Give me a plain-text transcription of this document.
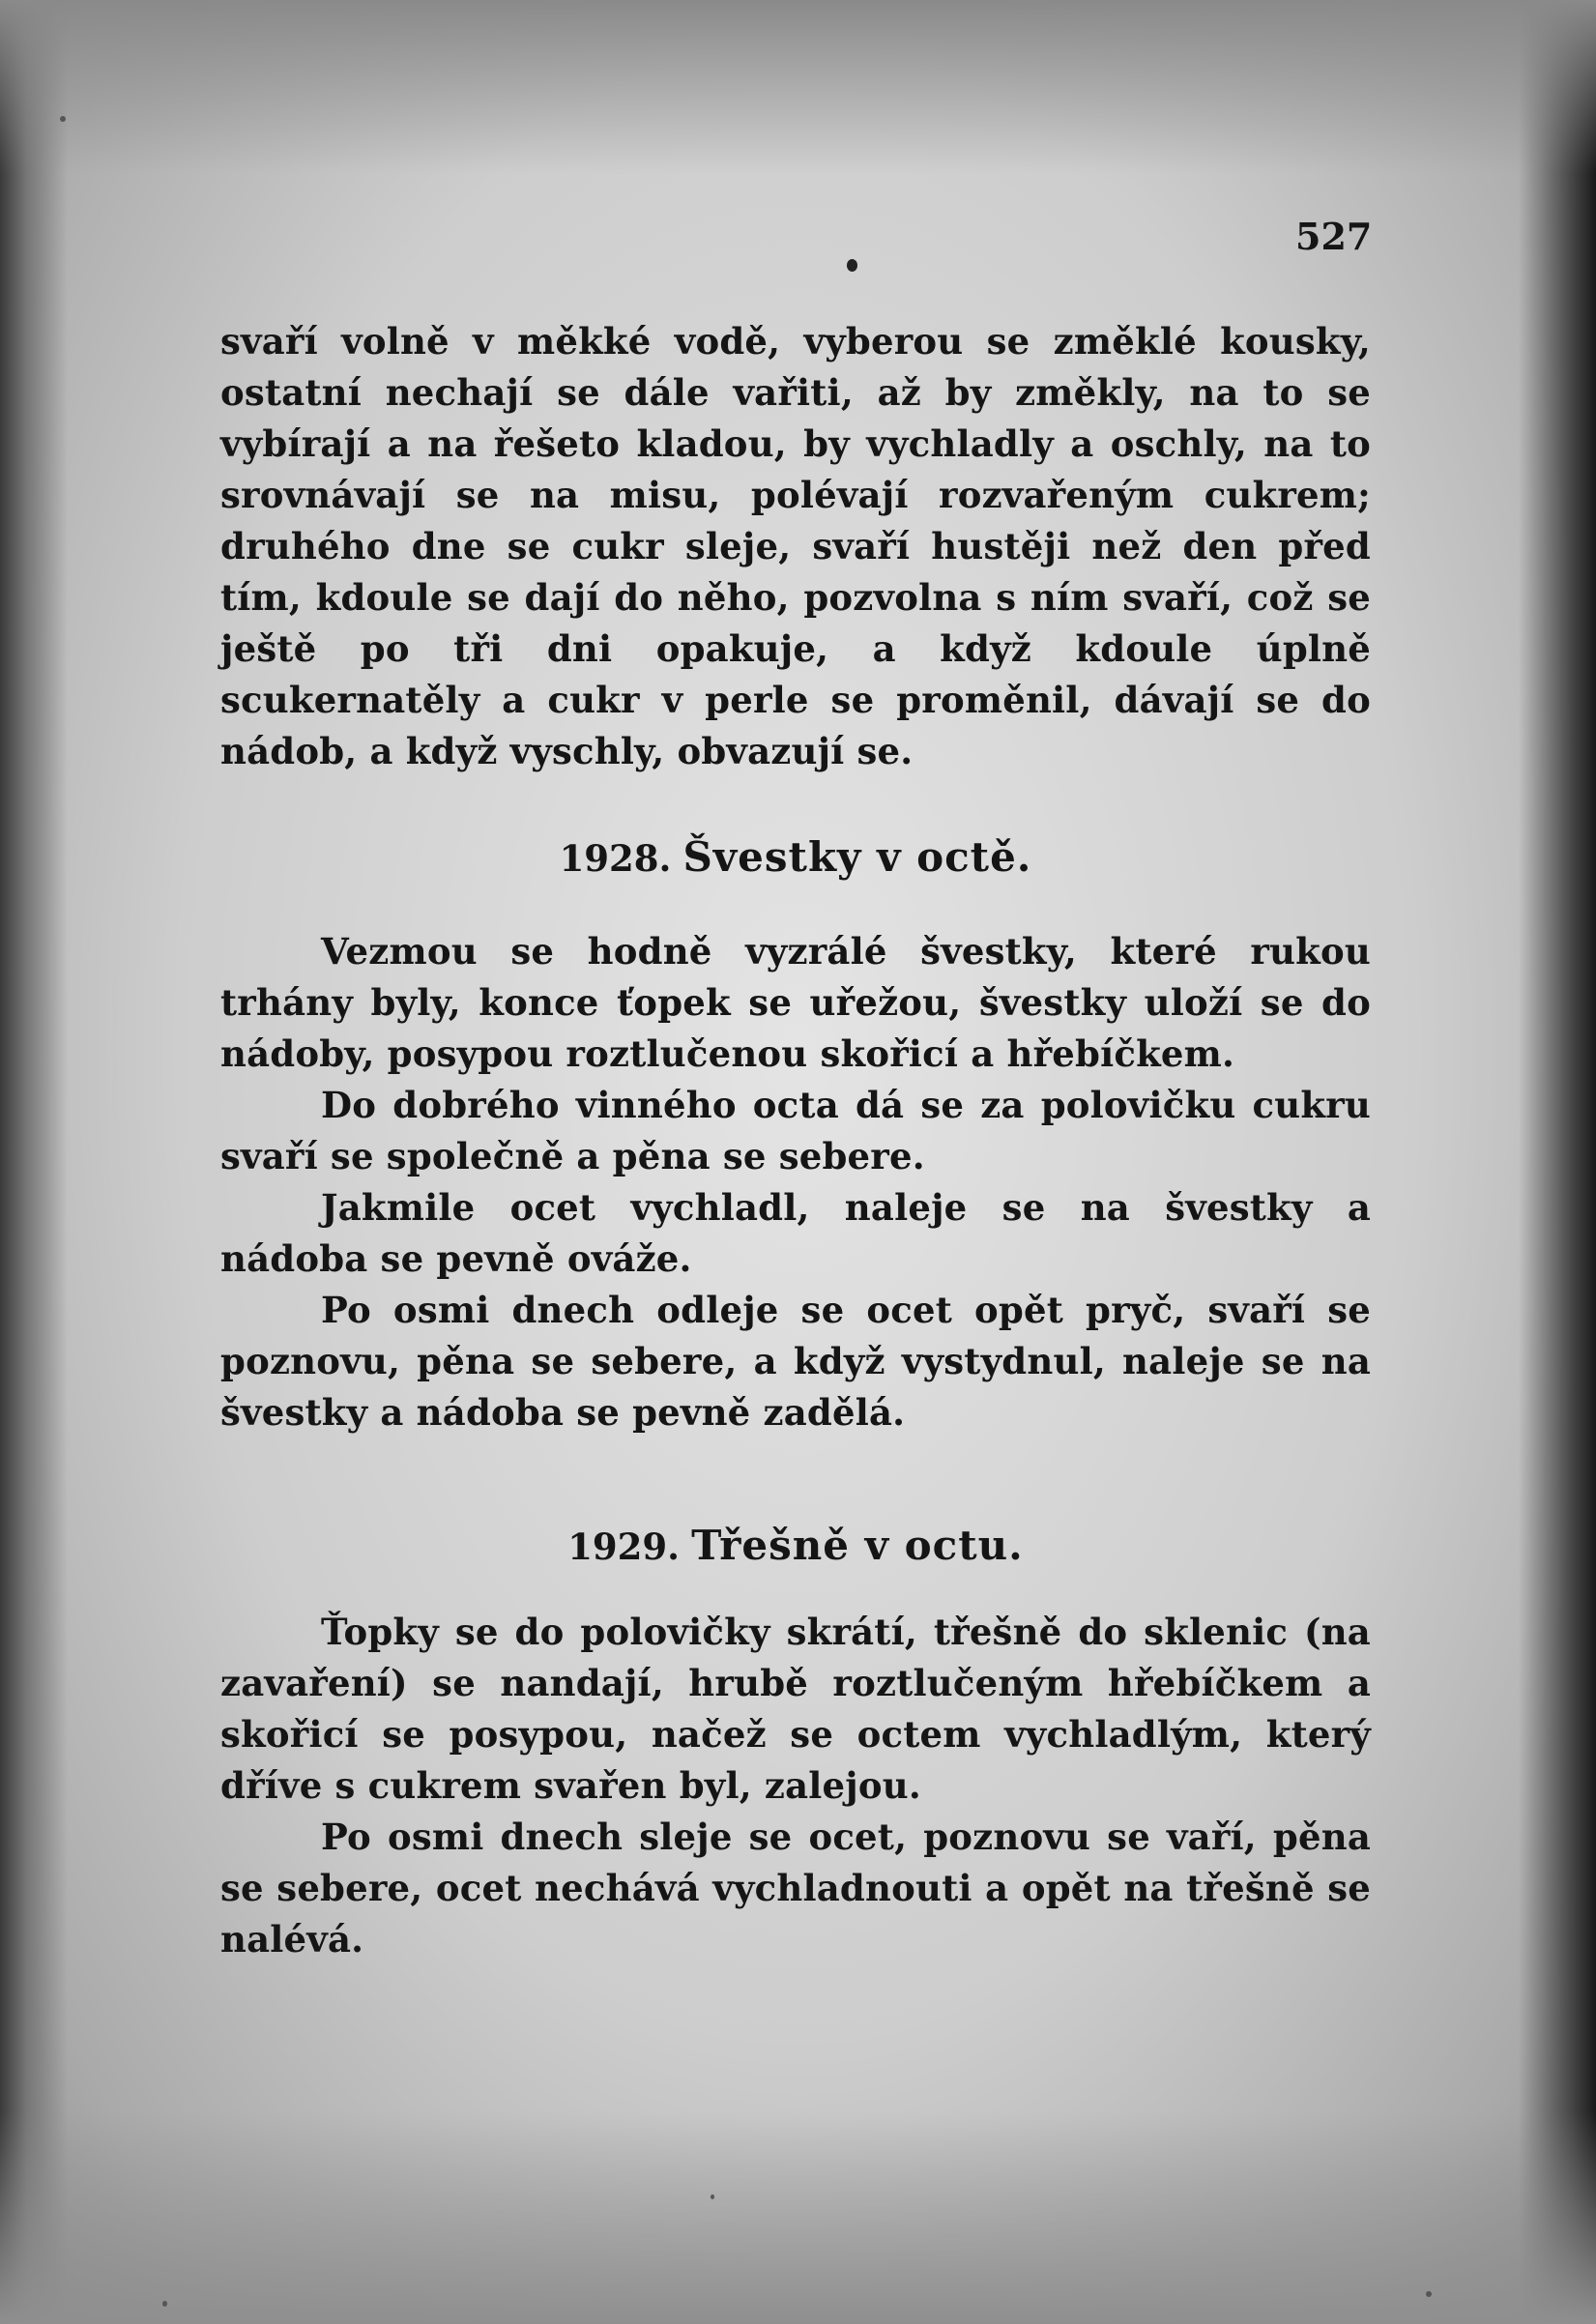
527

svaří volně v měkké vodě, vyberou se změklé kousky, ostatní nechají se dále vařiti, až by změkly, na to se vybírají a na řešeto kladou, by vychladly a oschly, na to srovnávají se na misu, polévají rozvařeným cukrem; druhého dne se cukr sleje, svaří hustěji než den před tím, kdoule se dají do něho, pozvolna s ním svaří, což se ještě po tři dni opakuje, a když kdoule úplně scukernatěly a cukr v perle se proměnil, dávají se do nádob, a když vyschly, obvazují se.

1928. Švestky v octě.

Vezmou se hodně vyzrálé švestky, které rukou trhány byly, konce ťopek se uřežou, švestky uloží se do nádoby, posypou roztlučenou skořicí a hřebíčkem.

Do dobrého vinného octa dá se za polovičku cukru svaří se společně a pěna se sebere.

Jakmile ocet vychladl, naleje se na švestky a nádoba se pevně ováže.

Po osmi dnech odleje se ocet opět pryč, svaří se poznovu, pěna se sebere, a když vystydnul, naleje se na švestky a nádoba se pevně zadělá.

1929. Třešně v octu.

Ťopky se do polovičky skrátí, třešně do sklenic (na zavaření) se nandají, hrubě roztlučeným hřebíčkem a skořicí se posypou, načež se octem vychladlým, který dříve s cukrem svařen byl, zalejou.

Po osmi dnech sleje se ocet, poznovu se vaří, pěna se sebere, ocet nechává vychladnouti a opět na třešně se nalévá.
